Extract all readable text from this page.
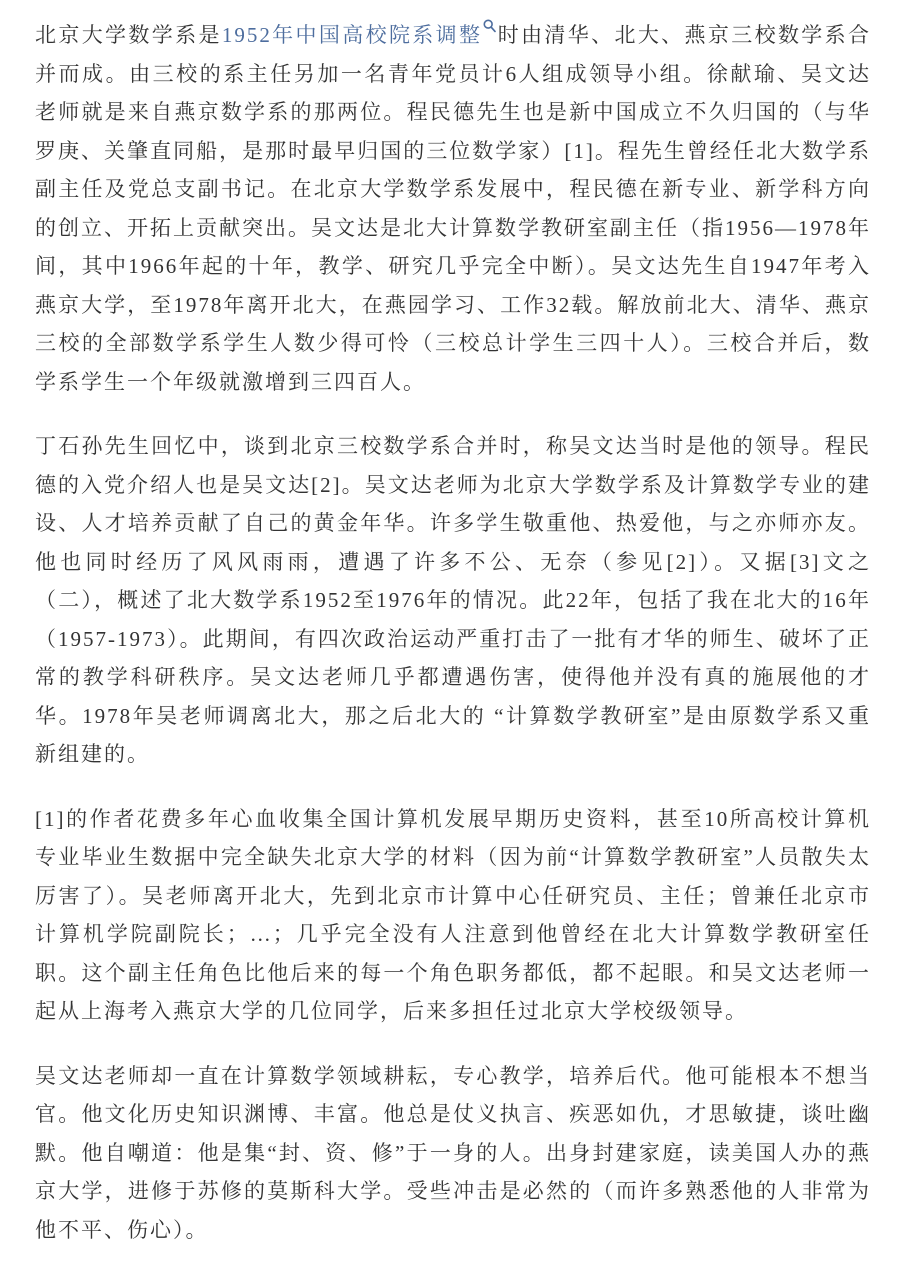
北京大学数学系是1952年中国高校院系调整 时由清华、北大、燕京三校数学系合并而成。由三校的系主任另加一名青年党员计6人组成领导小组。徐献瑜、吴文达老师就是来自燕京数学系的那两位。程民德先生也是新中国成立不久归国的（与华罗庚、关肇直同船，是那时最早归国的三位数学家）[1]。程先生曾经任北大数学系副主任及党总支副书记。在北京大学数学系发展中，程民德在新专业、新学科方向的创立、开拓上贡献突出。吴文达是北大计算数学教研室副主任（指1956—1978年间，其中1966年起的十年，教学、研究几乎完全中断）。吴文达先生自1947年考入燕京大学，至1978年离开北大，在燕园学习、工作32载。解放前北大、清华、燕京三校的全部数学系学生人数少得可怜（三校总计学生三四十人）。三校合并后，数学系学生一个年级就激增到三四百人。

丁石孙先生回忆中，谈到北京三校数学系合并时，称吴文达当时是他的领导。程民德的入党介绍人也是吴文达[2]。吴文达老师为北京大学数学系及计算数学专业的建设、人才培养贡献了自己的黄金年华。许多学生敬重他、热爱他，与之亦师亦友。他也同时经历了风风雨雨，遭遇了许多不公、无奈（参见[2]）。又据[3]文之（二），概述了北大数学系1952至1976年的情况。此22年，包括了我在北大的16年（1957-1973）。此期间，有四次政治运动严重打击了一批有才华的师生、破坏了正常的教学科研秩序。吴文达老师几乎都遭遇伤害，使得他并没有真的施展他的才华。1978年吴老师调离北大，那之后北大的 “计算数学教研室”是由原数学系又重新组建的。

[1]的作者花费多年心血收集全国计算机发展早期历史资料，甚至10所高校计算机专业毕业生数据中完全缺失北京大学的材料（因为前“计算数学教研室”人员散失太厉害了）。吴老师离开北大，先到北京市计算中心任研究员、主任；曾兼任北京市计算机学院副院长；…；几乎完全没有人注意到他曾经在北大计算数学教研室任职。这个副主任角色比他后来的每一个角色职务都低，都不起眼。和吴文达老师一起从上海考入燕京大学的几位同学，后来多担任过北京大学校级领导。

吴文达老师却一直在计算数学领域耕耘，专心教学，培养后代。他可能根本不想当官。他文化历史知识渊博、丰富。他总是仗义执言、疾恶如仇，才思敏捷，谈吐幽默。他自嘲道：他是集“封、资、修”于一身的人。出身封建家庭，读美国人办的燕京大学，进修于苏修的莫斯科大学。受些冲击是必然的（而许多熟悉他的人非常为他不平、伤心）。
